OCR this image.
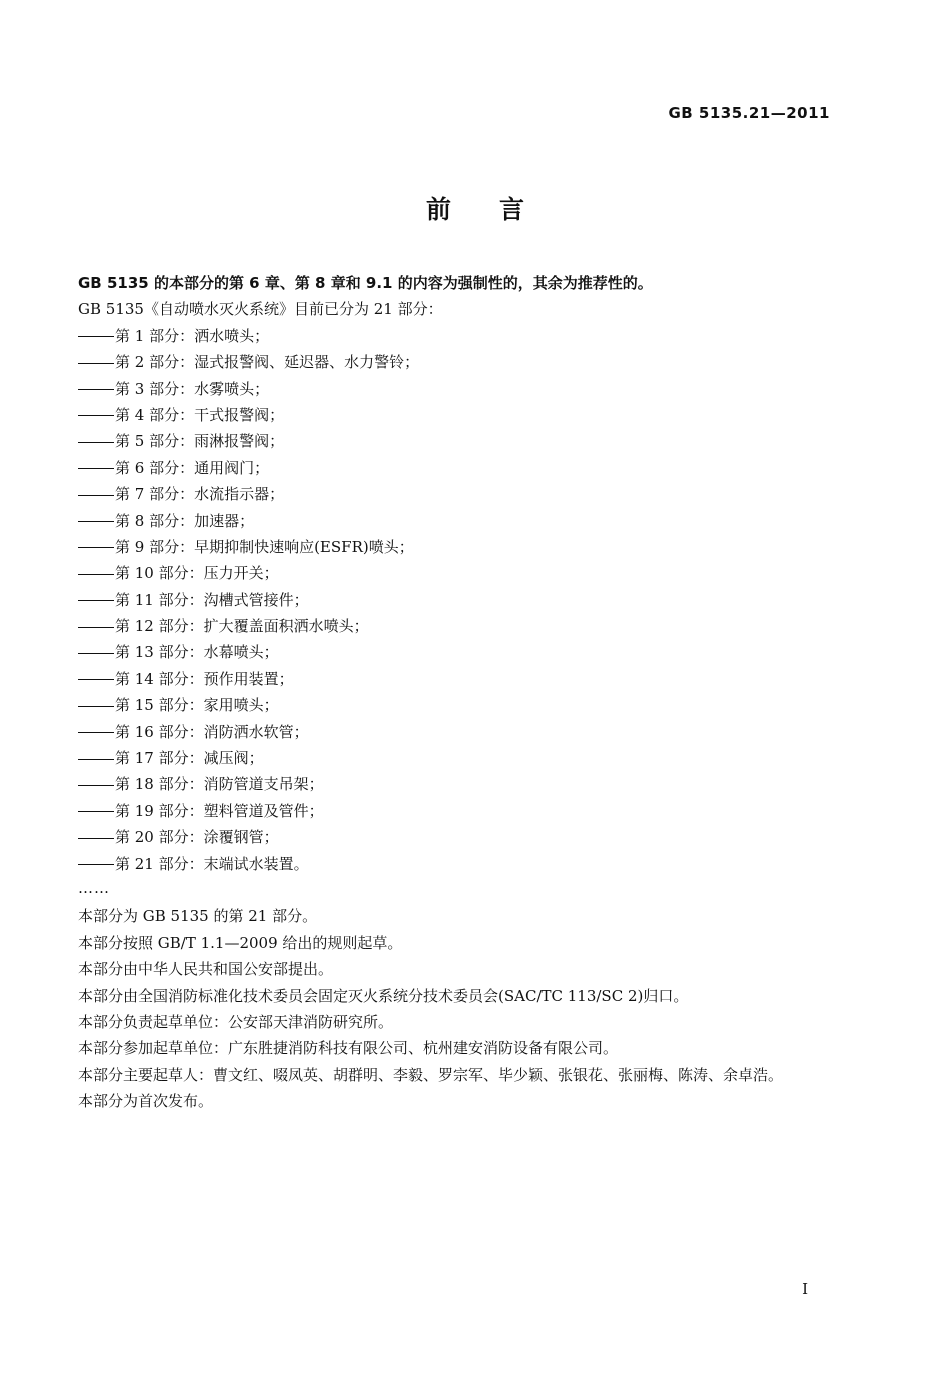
GB 5135.21—2011
前言
GB 5135 的本部分的第 6 章、第 8 章和 9.1 的内容为强制性的，其余为推荐性的。
GB 5135《自动喷水灭火系统》目前已分为 21 部分：
第 1 部分：洒水喷头；
第 2 部分：湿式报警阀、延迟器、水力警铃；
第 3 部分：水雾喷头；
第 4 部分：干式报警阀；
第 5 部分：雨淋报警阀；
第 6 部分：通用阀门；
第 7 部分：水流指示器；
第 8 部分：加速器；
第 9 部分：早期抑制快速响应(ESFR)喷头；
第 10 部分：压力开关；
第 11 部分：沟槽式管接件；
第 12 部分：扩大覆盖面积洒水喷头；
第 13 部分：水幕喷头；
第 14 部分：预作用装置；
第 15 部分：家用喷头；
第 16 部分：消防洒水软管；
第 17 部分：减压阀；
第 18 部分：消防管道支吊架；
第 19 部分：塑料管道及管件；
第 20 部分：涂覆钢管；
第 21 部分：末端试水装置。
……
本部分为 GB 5135 的第 21 部分。
本部分按照 GB/T 1.1—2009 给出的规则起草。
本部分由中华人民共和国公安部提出。
本部分由全国消防标准化技术委员会固定灭火系统分技术委员会(SAC/TC 113/SC 2)归口。
本部分负责起草单位：公安部天津消防研究所。
本部分参加起草单位：广东胜捷消防科技有限公司、杭州建安消防设备有限公司。
本部分主要起草人：曹文红、啜凤英、胡群明、李毅、罗宗军、毕少颖、张银花、张丽梅、陈涛、余卓浩。
本部分为首次发布。
I
